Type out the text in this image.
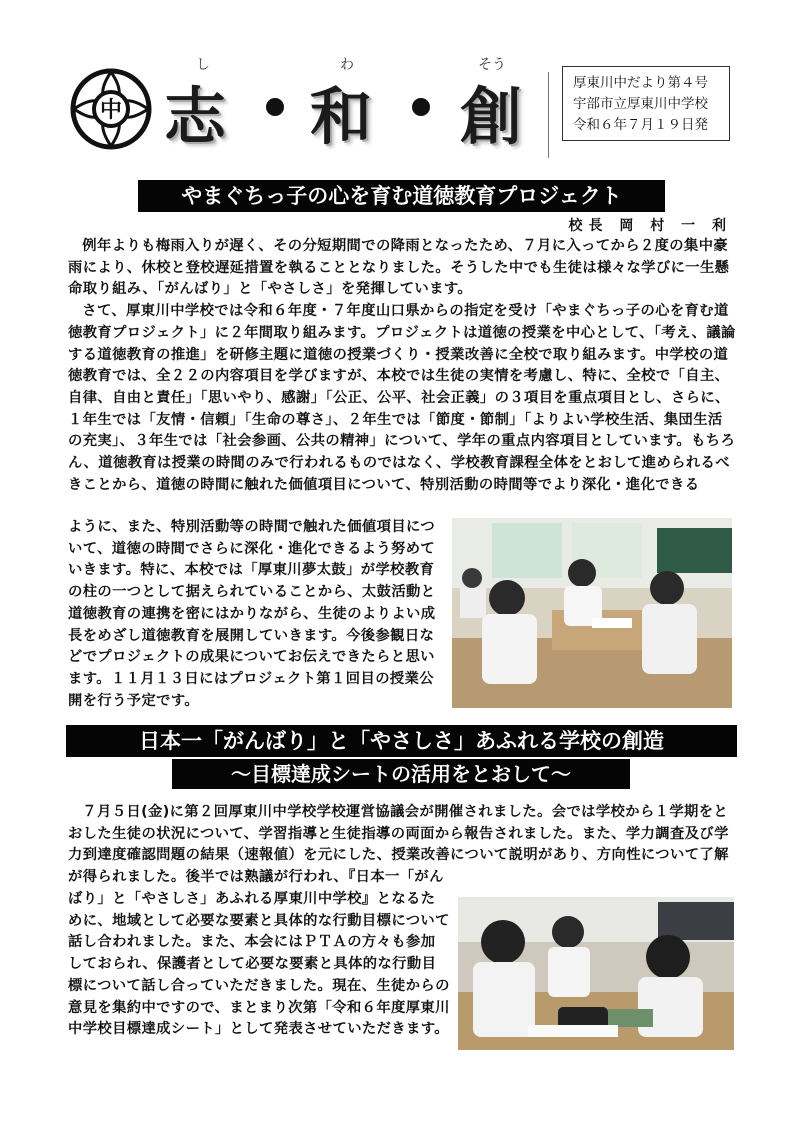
中
し	わ	そう
志 和 創	厚東川中だより第４号
宇部市立厚東川中学校
令和６年７月１９日発
やまぐちっ子の心を育む道徳教育プロジェクト
校長 岡 村 一 利

例年よりも梅雨入りが遅く、その分短期間での降雨となったため、７月に入ってから２度の集中豪雨により、休校と登校遅延措置を執ることとなりました。そうした中でも生徒は様々な学びに一生懸命取り組み、「がんばり」と「やさしさ」を発揮しています。

さて、厚東川中学校では令和６年度・７年度山口県からの指定を受け「やまぐちっ子の心を育む道徳教育プロジェクト」に２年間取り組みます。プロジェクトは道徳の授業を中心として、「考え、議論する道徳教育の推進」を研修主題に道徳の授業づくり・授業改善に全校で取り組みます。中学校の道徳教育では、全２２の内容項目を学びますが、本校では生徒の実情を考慮し、特に、全校で「自主、自律、自由と責任」「思いやり、感謝」「公正、公平、社会正義」の３項目を重点項目とし、さらに、１年生では「友情・信頼」「生命の尊さ」、２年生では「節度・節制」「よりよい学校生活、集団生活の充実」、３年生では「社会参画、公共の精神」について、学年の重点内容項目としています。もちろん、道徳教育は授業の時間のみで行われるものではなく、学校教育課程全体をとおして進められるべきことから、道徳の時間に触れた価値項目について、特別活動の時間等でより深化・進化できる

ように、また、特別活動等の時間で触れた価値項目について、道徳の時間でさらに深化・進化できるよう努めていきます。特に、本校では「厚東川夢太鼓」が学校教育の柱の一つとして据えられていることから、太鼓活動と道徳教育の連携を密にはかりながら、生徒のよりよい成長をめざし道徳教育を展開していきます。今後参観日などでプロジェクトの成果についてお伝えできたらと思います。１１月１３日にはプロジェクト第１回目の授業公開を行う予定です。

日本一「がんばり」と「やさしさ」あふれる学校の創造
～目標達成シートの活用をとおして～

７月５日(金)に第２回厚東川中学校学校運営協議会が開催されました。会では学校から１学期をとおした生徒の状況について、学習指導と生徒指導の両面から報告されました。また、学力調査及び学力到達度確認問題の結果（速報値）を元にした、授業改善について説明があり、方向性について了解が得られました。後半では熟議が行われ、『日本一「がん

ばり」と「やさしさ」あふれる厚東川中学校』となるために、地域として必要な要素と具体的な行動目標について話し合われました。また、本会にはＰＴＡの方々も参加しておられ、保護者として必要な要素と具体的な行動目標について話し合っていただきました。現在、生徒からの意見を集約中ですので、まとまり次第「令和６年度厚東川中学校目標達成シート」として発表させていただきます。
